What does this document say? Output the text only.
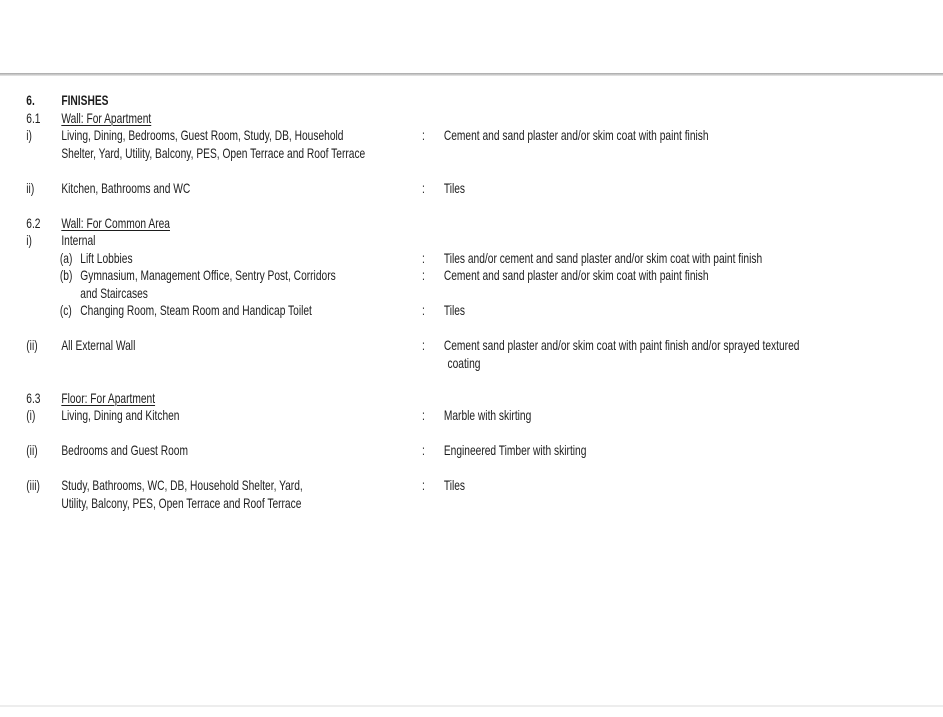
6.	FINISHES
6.1	Wall: For Apartment
i)	Living, Dining, Bedrooms, Guest Room, Study, DB, Household	:	Cement and sand plaster and/or skim coat with paint finish
Shelter, Yard, Utility, Balcony, PES, Open Terrace and Roof Terrace
ii)	Kitchen, Bathrooms and WC	:	Tiles
6.2	Wall: For Common Area
i)	Internal
(a) Lift Lobbies	:	Tiles and/or cement and sand plaster and/or skim coat with paint finish
(b) Gymnasium, Management Office, Sentry Post, Corridors	:	Cement and sand plaster and/or skim coat with paint finish
and Staircases
(c) Changing Room, Steam Room and Handicap Toilet	:	Tiles
(ii)	All External Wall	:	Cement sand plaster and/or skim coat with paint finish and/or sprayed textured
coating
6.3	Floor: For Apartment
(i)	Living, Dining and Kitchen	:	Marble with skirting
(ii)	Bedrooms and Guest Room	:	Engineered Timber with skirting
(iii)	Study, Bathrooms, WC, DB, Household Shelter, Yard,	:	Tiles
Utility, Balcony, PES, Open Terrace and Roof Terrace
